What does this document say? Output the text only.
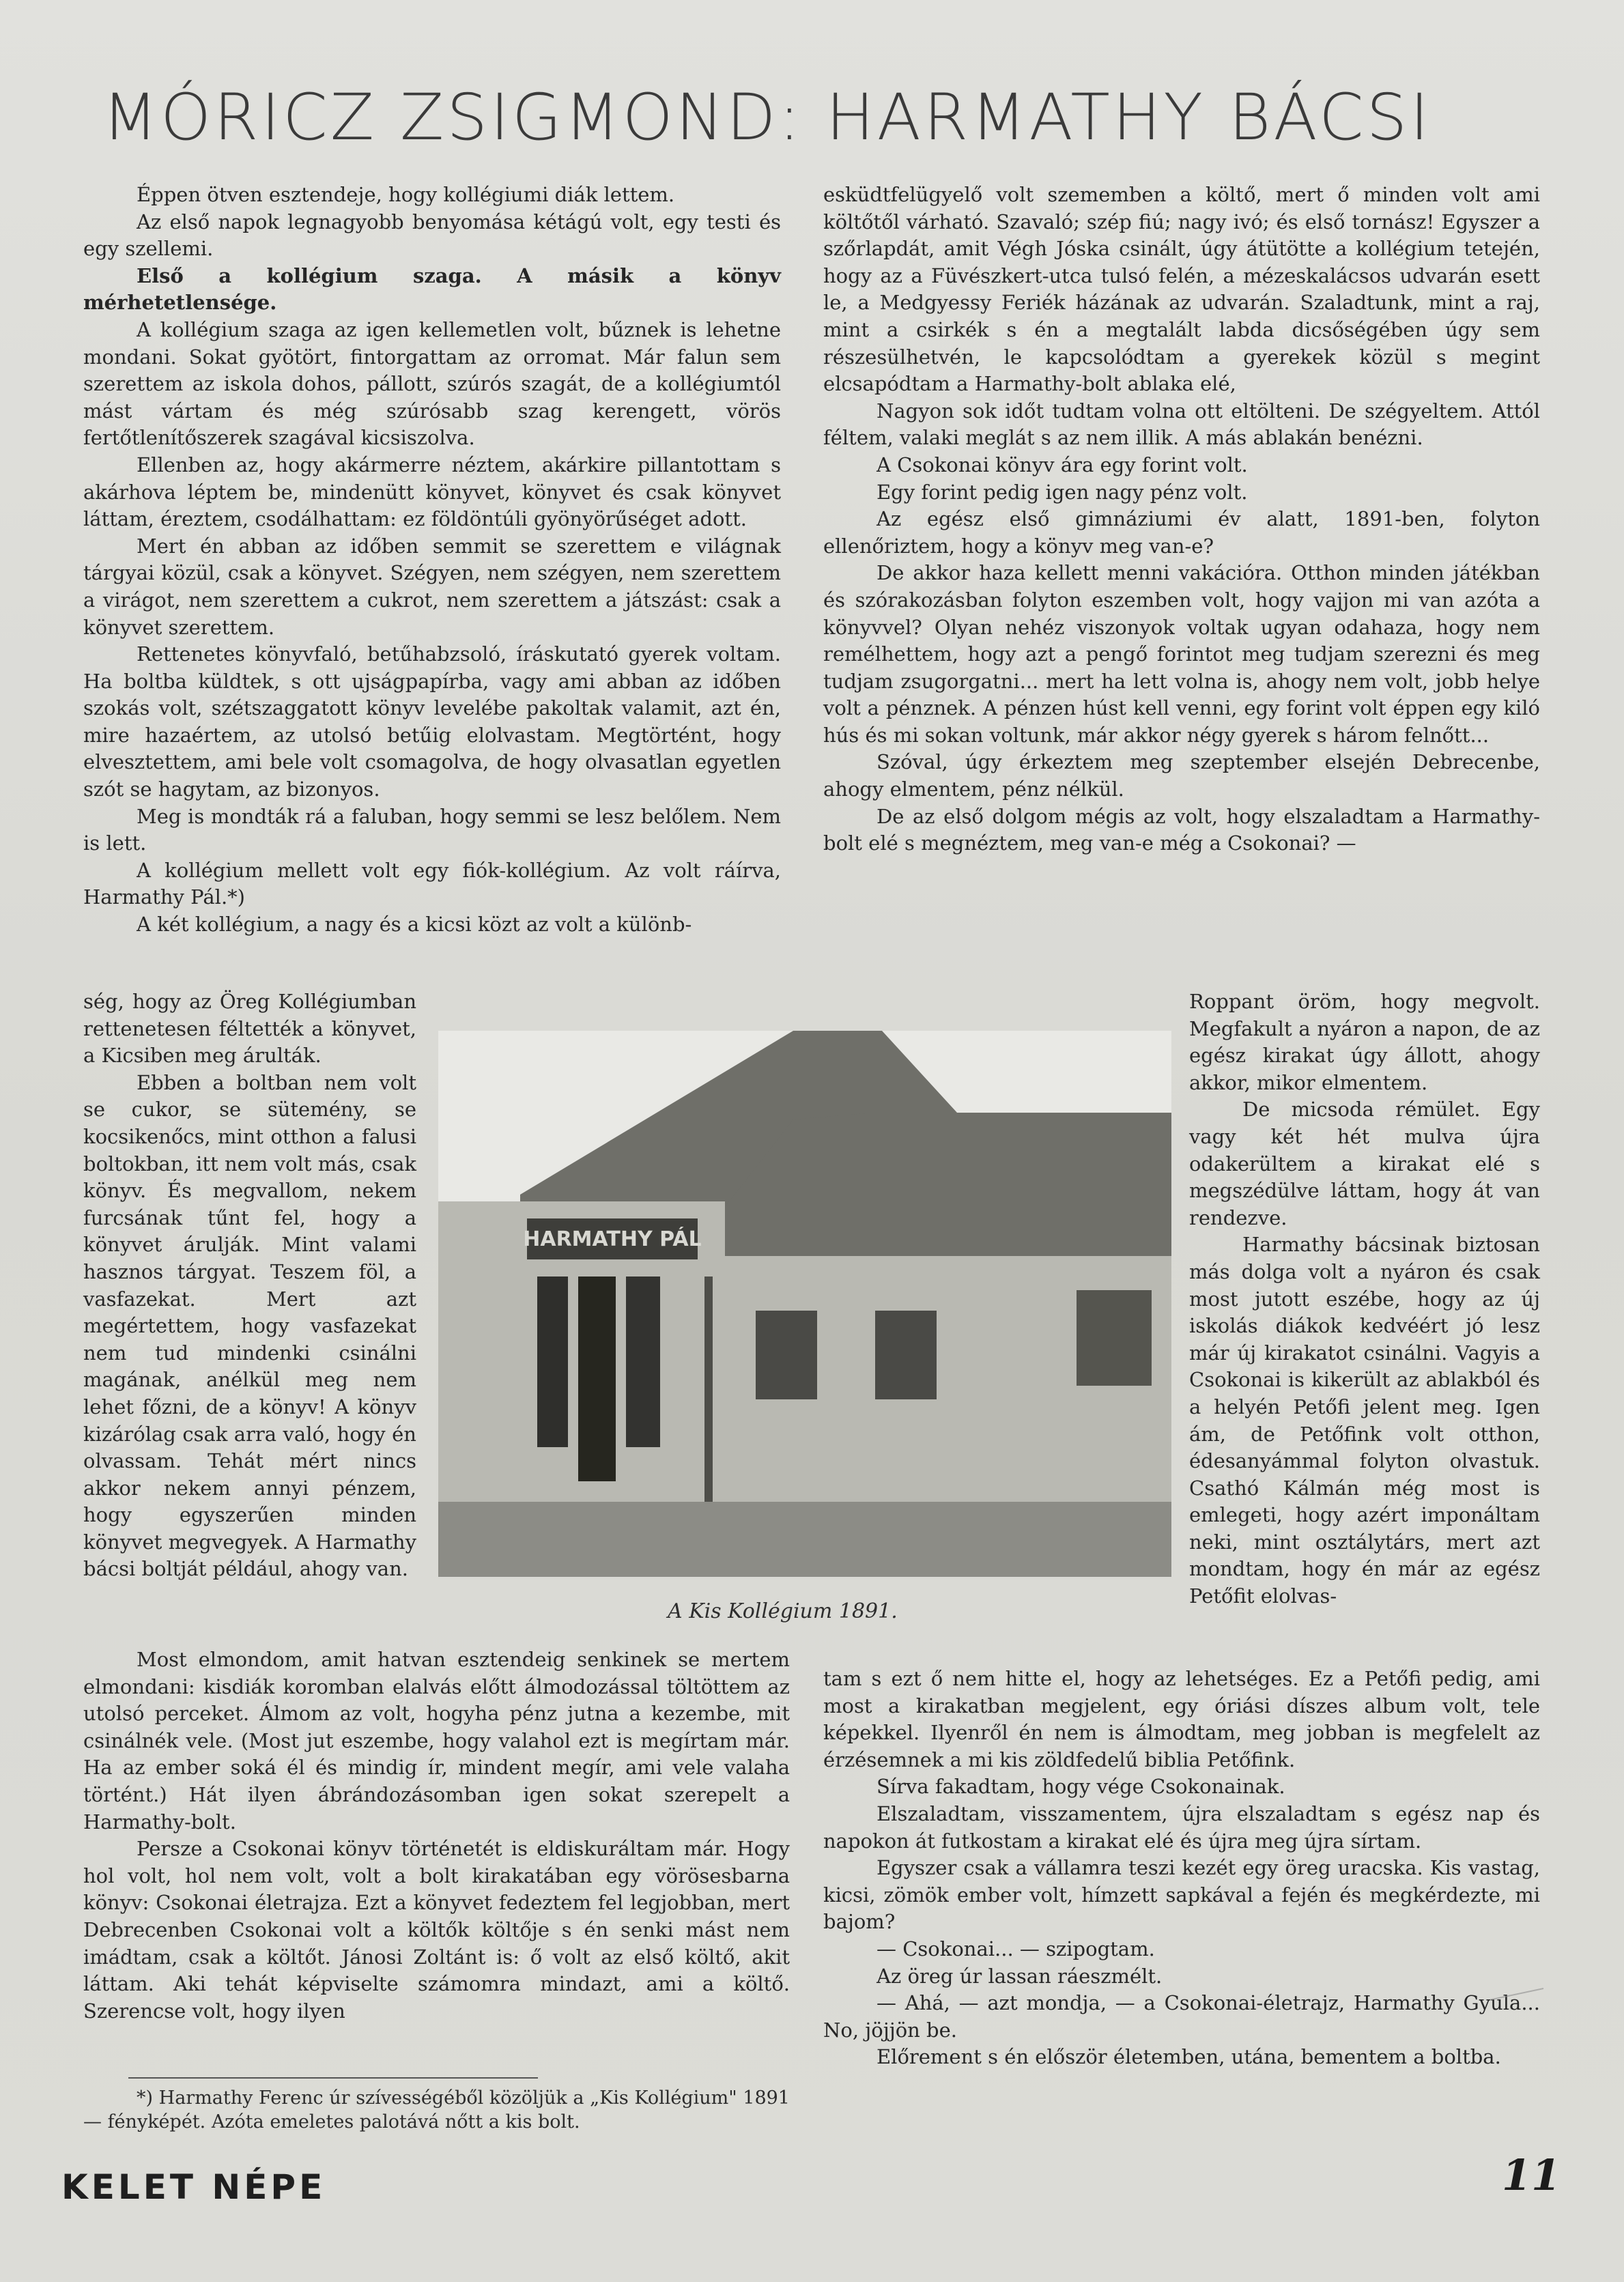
MÓRICZ ZSIGMOND: HARMATHY BÁCSI

Éppen ötven esztendeje, hogy kollégiumi diák lettem.

Az első napok legnagyobb benyomása kétágú volt, egy testi és egy szellemi.

Első a kollégium szaga. A másik a könyv mérhetetlensége.

A kollégium szaga az igen kellemetlen volt, bűznek is lehetne mondani. Sokat gyötört, fintorgattam az orromat. Már falun sem szerettem az iskola dohos, pállott, szúrós szagát, de a kollégiumtól mást vártam és még szúrósabb szag kerengett, vörös fertőtlenítőszerek szagával kicsiszolva.

Ellenben az, hogy akármerre néztem, akárkire pillantottam s akárhova léptem be, mindenütt könyvet, könyvet és csak könyvet láttam, éreztem, csodálhattam: ez földöntúli gyönyörűséget adott.

Mert én abban az időben semmit se szerettem e világnak tárgyai közül, csak a könyvet. Szégyen, nem szégyen, nem szerettem a virágot, nem szerettem a cukrot, nem szerettem a játszást: csak a könyvet szerettem.

Rettenetes könyvfaló, betűhabzsoló, íráskutató gyerek voltam. Ha boltba küldtek, s ott ujságpapírba, vagy ami abban az időben szokás volt, szétszaggatott könyv levelébe pakoltak valamit, azt én, mire hazaértem, az utolsó betűig elolvastam. Megtörtént, hogy elvesztettem, ami bele volt csomagolva, de hogy olvasatlan egyetlen szót se hagytam, az bizonyos.

Meg is mondták rá a faluban, hogy semmi se lesz belőlem. Nem is lett.

A kollégium mellett volt egy fiók-kollégium. Az volt ráírva, Harmathy Pál.*)

A két kollégium, a nagy és a kicsi közt az volt a különb-

ség, hogy az Öreg Kollégiumban rettenetesen féltették a könyvet, a Kicsiben meg árulták.

Ebben a boltban nem volt se cukor, se sütemény, se kocsikenőcs, mint otthon a falusi boltokban, itt nem volt más, csak könyv. És megvallom, nekem furcsának tűnt fel, hogy a könyvet árulják. Mint valami hasznos tárgyat. Teszem föl, a vasfazekat. Mert azt megértettem, hogy vasfazekat nem tud mindenki csinálni magának, anélkül meg nem lehet főzni, de a könyv! A könyv kizárólag csak arra való, hogy én olvassam. Tehát mért nincs akkor nekem annyi pénzem, hogy egyszerűen minden könyvet megvegyek. A Harmathy bácsi boltját például, ahogy van.

HARMATHY PÁL
A Kis Kollégium 1891.

Most elmondom, amit hatvan esztendeig senkinek se mertem elmondani: kisdiák koromban elalvás előtt álmodozással töltöttem az utolsó perceket. Álmom az volt, hogyha pénz jutna a kezembe, mit csinálnék vele. (Most jut eszembe, hogy valahol ezt is megírtam már. Ha az ember soká él és mindig ír, mindent megír, ami vele valaha történt.) Hát ilyen ábrándozásomban igen sokat szerepelt a Harmathy-bolt.

Persze a Csokonai könyv történetét is eldiskuráltam már. Hogy hol volt, hol nem volt, volt a bolt kirakatában egy vörösesbarna könyv: Csokonai életrajza. Ezt a könyvet fedeztem fel legjobban, mert Debrecenben Csokonai volt a költők költője s én senki mást nem imádtam, csak a költőt. Jánosi Zoltánt is: ő volt az első költő, akit láttam. Aki tehát képviselte számomra mindazt, ami a költő. Szerencse volt, hogy ilyen

*) Harmathy Ferenc úr szívességéből közöljük a „Kis Kollégium" 1891 — fényképét. Azóta emeletes palotává nőtt a kis bolt.

esküdtfelügyelő volt szememben a költő, mert ő minden volt ami költőtől várható. Szavaló; szép fiú; nagy ivó; és első tornász! Egyszer a szőrlapdát, amit Végh Jóska csinált, úgy átütötte a kollégium tetején, hogy az a Füvészkert-utca tulsó felén, a mézeskalácsos udvarán esett le, a Medgyessy Feriék házának az udvarán. Szaladtunk, mint a raj, mint a csirkék s én a megtalált labda dicsőségében úgy sem részesülhetvén, le kapcsolódtam a gyerekek közül s megint elcsapódtam a Harmathy-bolt ablaka elé,

Nagyon sok időt tudtam volna ott eltölteni. De szégyeltem. Attól féltem, valaki meglát s az nem illik. A más ablakán benézni.

A Csokonai könyv ára egy forint volt.

Egy forint pedig igen nagy pénz volt.

Az egész első gimnáziumi év alatt, 1891-ben, folyton ellenőriztem, hogy a könyv meg van-e?

De akkor haza kellett menni vakációra. Otthon minden játékban és szórakozásban folyton eszemben volt, hogy vajjon mi van azóta a könyvvel? Olyan nehéz viszonyok voltak ugyan odahaza, hogy nem remélhettem, hogy azt a pengő forintot meg tudjam szerezni és meg tudjam zsugorgatni... mert ha lett volna is, ahogy nem volt, jobb helye volt a pénznek. A pénzen húst kell venni, egy forint volt éppen egy kiló hús és mi sokan voltunk, már akkor négy gyerek s három felnőtt...

Szóval, úgy érkeztem meg szeptember elsején Debrecenbe, ahogy elmentem, pénz nélkül.

De az első dolgom mégis az volt, hogy elszaladtam a Harmathy-bolt elé s megnéztem, meg van-e még a Csokonai? —

Roppant öröm, hogy megvolt. Megfakult a nyáron a napon, de az egész kirakat úgy állott, ahogy akkor, mikor elmentem.

De micsoda rémület. Egy vagy két hét mulva újra odakerültem a kirakat elé s megszédülve láttam, hogy át van rendezve.

Harmathy bácsinak biztosan más dolga volt a nyáron és csak most jutott eszébe, hogy az új iskolás diákok kedvéért jó lesz már új kirakatot csinálni. Vagyis a Csokonai is kikerült az ablakból és a helyén Petőfi jelent meg. Igen ám, de Petőfink volt otthon, édesanyámmal folyton olvastuk. Csathó Kálmán még most is emlegeti, hogy azért imponáltam neki, mint osztálytárs, mert azt mondtam, hogy én már az egész Petőfit elolvas-

tam s ezt ő nem hitte el, hogy az lehetséges. Ez a Petőfi pedig, ami most a kirakatban megjelent, egy óriási díszes album volt, tele képekkel. Ilyenről én nem is álmodtam, meg jobban is megfelelt az érzésemnek a mi kis zöldfedelű biblia Petőfink.

Sírva fakadtam, hogy vége Csokonainak.

Elszaladtam, visszamentem, újra elszaladtam s egész nap és napokon át futkostam a kirakat elé és újra meg újra sírtam.

Egyszer csak a vállamra teszi kezét egy öreg uracska. Kis vastag, kicsi, zömök ember volt, hímzett sapkával a fején és megkérdezte, mi bajom?

— Csokonai... — szipogtam.

Az öreg úr lassan ráeszmélt.

— Ahá, — azt mondja, — a Csokonai-életrajz, Harmathy Gyula... No, jöjjön be.

Előrement s én először életemben, utána, bementem a boltba.

KELET NÉPE	11
